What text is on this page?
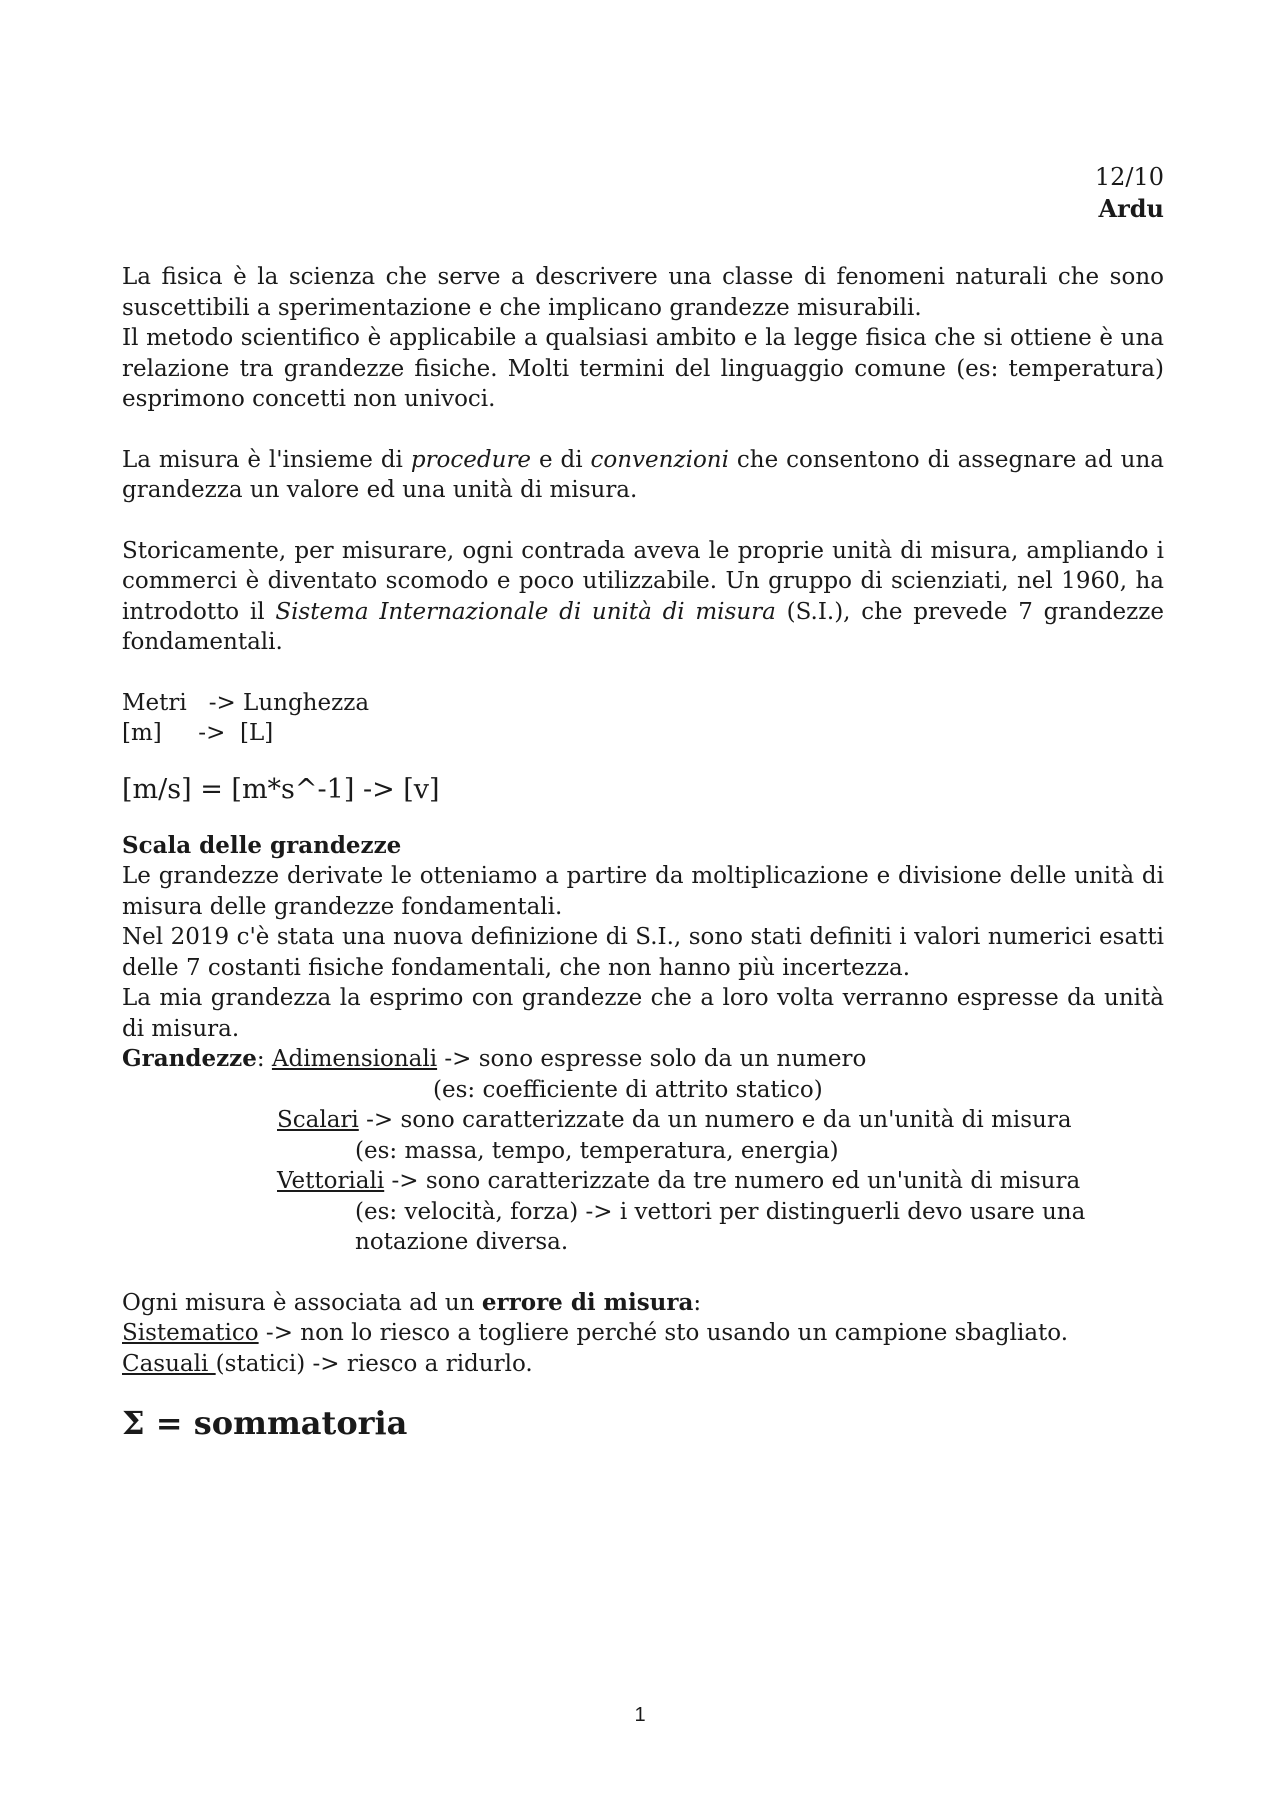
12/10
Ardu

La fisica è la scienza che serve a descrivere una classe di fenomeni naturali che sono suscettibili a sperimentazione e che implicano grandezze misurabili.

Il metodo scientifico è applicabile a qualsiasi ambito e la legge fisica che si ottiene è una relazione tra grandezze fisiche. Molti termini del linguaggio comune (es: temperatura) esprimono concetti non univoci.

La misura è l'insieme di procedure e di convenzioni che consentono di assegnare ad una grandezza un valore ed una unità di misura.

Storicamente, per misurare, ogni contrada aveva le proprie unità di misura, ampliando i commerci è diventato scomodo e poco utilizzabile. Un gruppo di scienziati, nel 1960, ha introdotto il Sistema Internazionale di unità di misura (S.I.), che prevede 7 grandezze fondamentali.

Metri   -> Lunghezza

[m]     ->  [L]

[m/s] = [m*s^-1] -> [v]

Scala delle grandezze

Le grandezze derivate le otteniamo a partire da moltiplicazione e divisione delle unità di misura delle grandezze fondamentali.

Nel 2019 c'è stata una nuova definizione di S.I., sono stati definiti i valori numerici esatti delle 7 costanti fisiche fondamentali, che non hanno più incertezza.

La mia grandezza la esprimo con grandezze che a loro volta verranno espresse da unità di misura.

Grandezze: Adimensionali -> sono espresse solo da un numero

(es: coefficiente di attrito statico)

Scalari -> sono caratterizzate da un numero e da un'unità di misura

(es: massa, tempo, temperatura, energia)

Vettoriali -> sono caratterizzate da tre numero ed un'unità di misura

(es: velocità, forza) -> i vettori per distinguerli devo usare una

notazione diversa.

Ogni misura è associata ad un errore di misura:

Sistematico -> non lo riesco a togliere perché sto usando un campione sbagliato.

Casuali (statici) -> riesco a ridurlo.

Σ = sommatoria

1
